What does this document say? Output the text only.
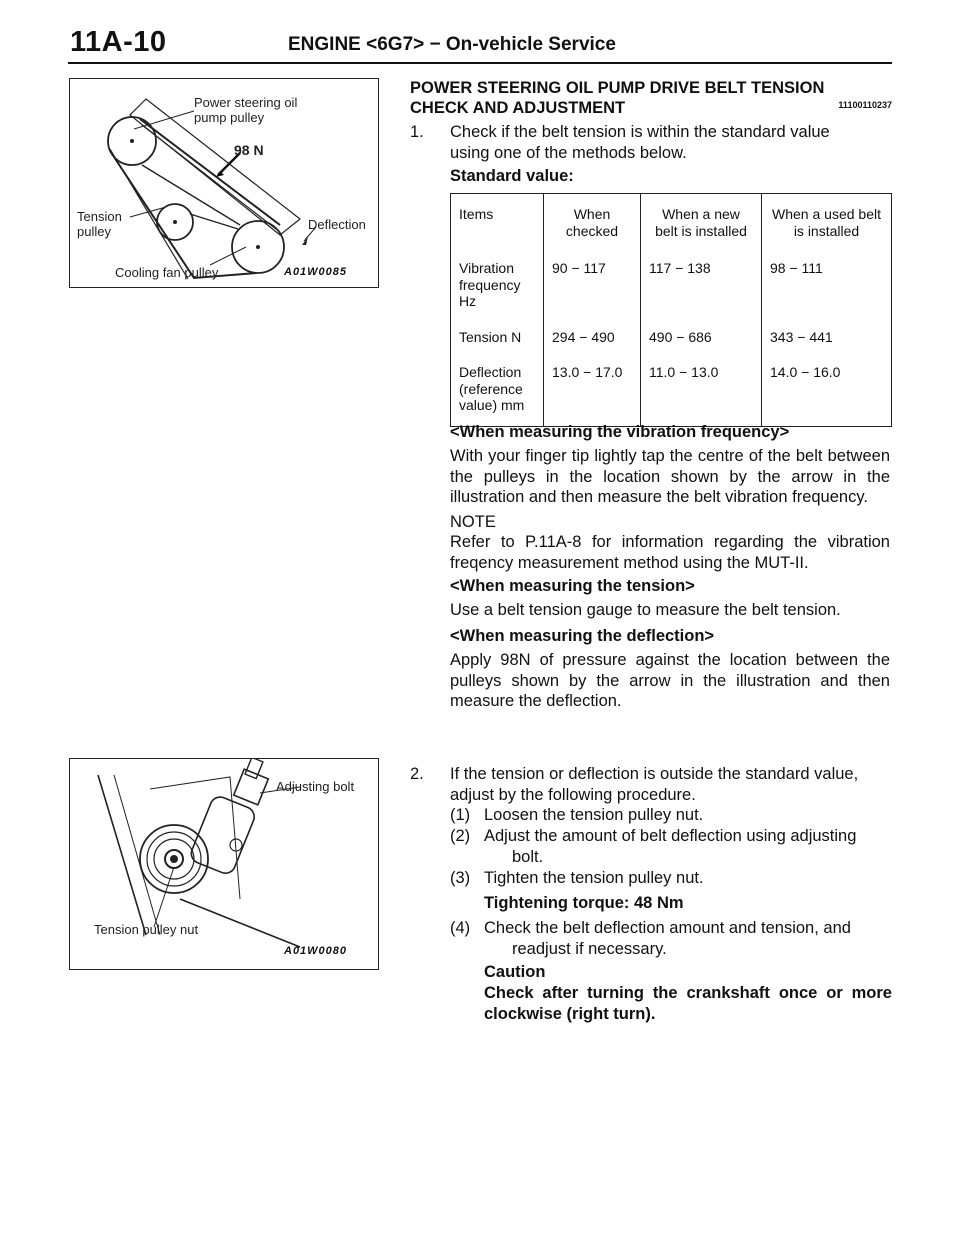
11A-10	ENGINE <6G7> − On-vehicle Service
Power steering oil
pump pulley
98 N
Tension
pulley	Deflection
Cooling fan pulley	A01W0085
Adjusting bolt
Tension pulley nut
A01W0080
POWER STEERING OIL PUMP DRIVE BELT TENSION
CHECK AND ADJUSTMENT	11100110237
1. Check if the belt tension is within the standard value
using one of the methods below.
Standard value:
Items	When checked	When a new belt is installed	When a used belt is installed
Vibration frequency Hz	90 − 117	117 − 138	98 − 111
Tension N	294 − 490	490 − 686	343 − 441
Deflection (reference value) mm	13.0 − 17.0	11.0 − 13.0	14.0 − 16.0
<When measuring the vibration frequency>
With your finger tip lightly tap the centre of the belt between the pulleys in the location shown by the arrow in the illustration and then measure the belt vibration frequency.
NOTE
Refer to P.11A-8 for information regarding the vibration freqency measurement method using the MUT-II.
<When measuring the tension>
Use a belt tension gauge to measure the belt tension.
<When measuring the deflection>
Apply 98N of pressure against the location between the pulleys shown by the arrow in the illustration and then measure the deflection.
2. If the tension or deflection is outside the standard value,
adjust by the following procedure.
(1) Loosen the tension pulley nut.
(2) Adjust the amount of belt deflection using adjusting
bolt.
(3) Tighten the tension pulley nut.
Tightening torque: 48 Nm
(4) Check the belt deflection amount and tension, and
readjust if necessary.
Caution
Check after turning the crankshaft once or more clockwise (right turn).
